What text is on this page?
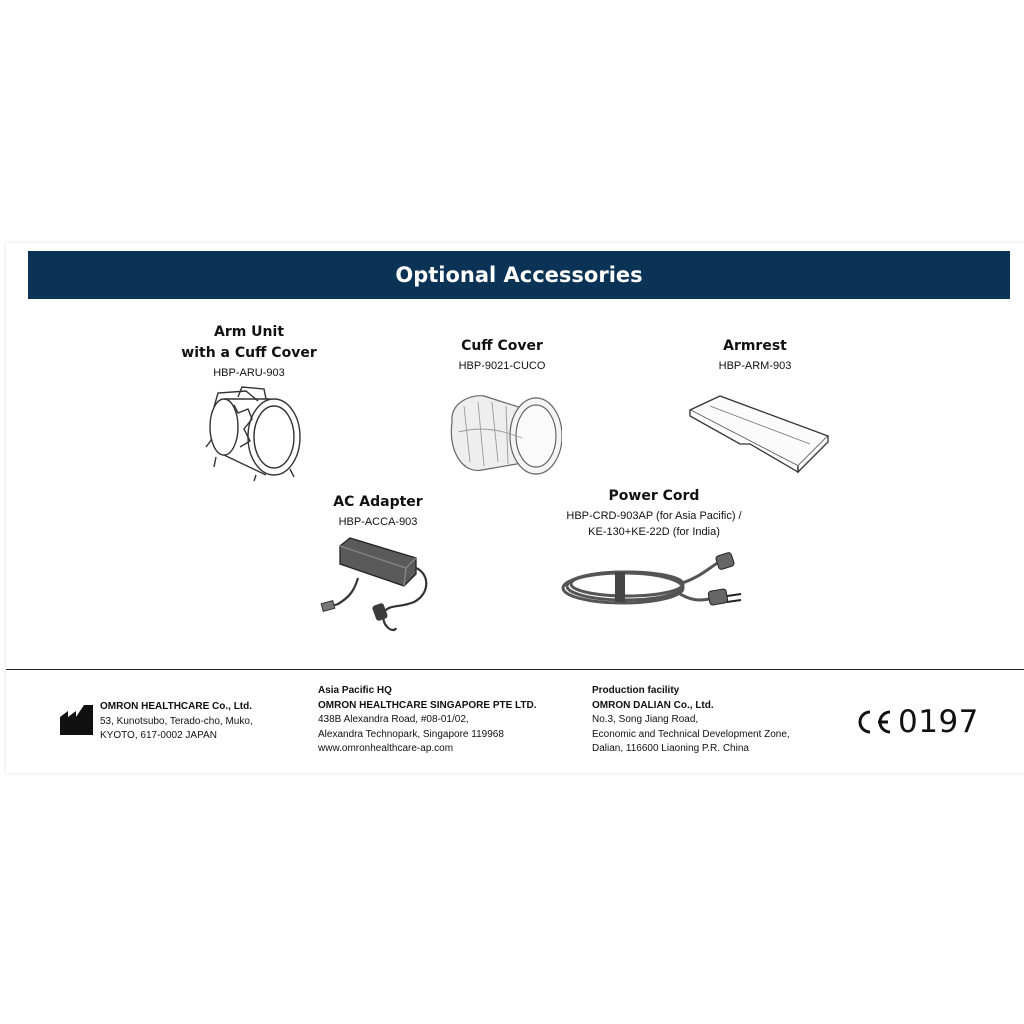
Optional Accessories
Arm Unit
with a Cuff Cover
HBP-ARU-903
Cuff Cover
HBP-9021-CUCO
Armrest
HBP-ARM-903
AC Adapter
HBP-ACCA-903
Power Cord
HBP-CRD-903AP (for Asia Pacific) /
KE-130+KE-22D (for India)
OMRON HEALTHCARE Co., Ltd.
53, Kunotsubo, Terado-cho, Muko,
KYOTO, 617-0002 JAPAN
Asia Pacific HQ
OMRON HEALTHCARE SINGAPORE PTE LTD.
438B Alexandra Road, #08-01/02,
Alexandra Technopark, Singapore 119968
www.omronhealthcare-ap.com
Production facility
OMRON DALIAN Co., Ltd.
No.3, Song Jiang Road,
Economic and Technical Development Zone,
Dalian, 116600 Liaoning P.R. China
0197
